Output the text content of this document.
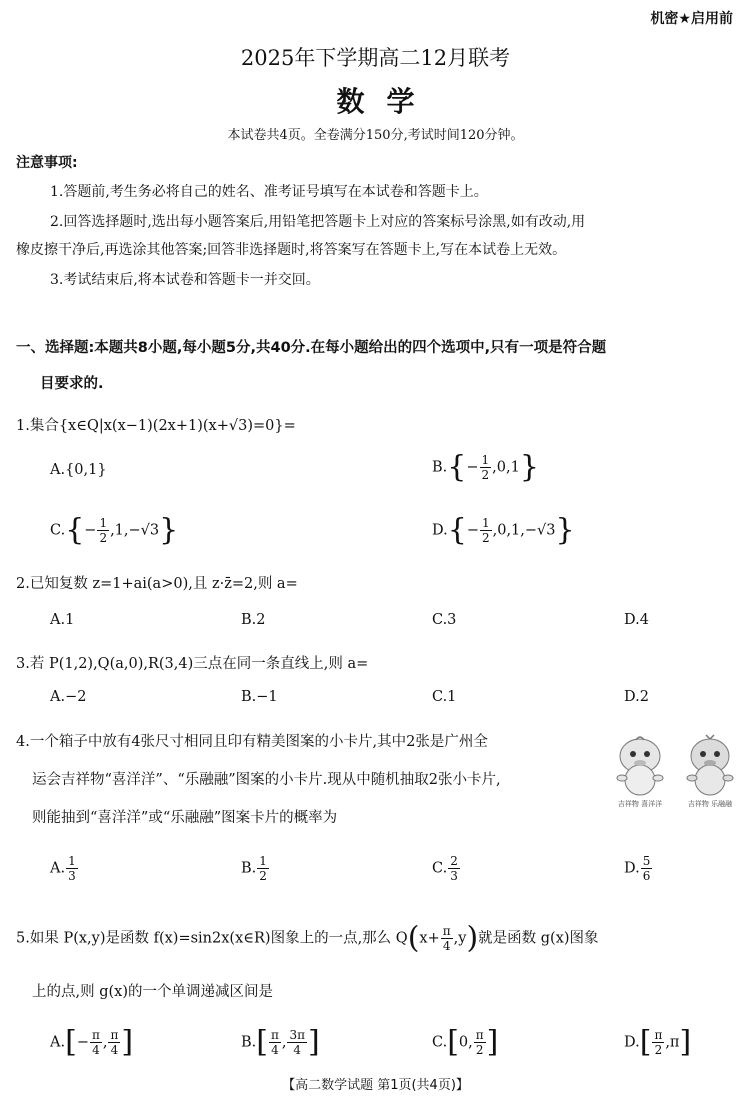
机密★启用前
2025年下学期高二12月联考
数学
本试卷共4页。全卷满分150分,考试时间120分钟。
注意事项:
1.答题前,考生务必将自己的姓名、准考证号填写在本试卷和答题卡上。
2.回答选择题时,选出每小题答案后,用铅笔把答题卡上对应的答案标号涂黑,如有改动,用
橡皮擦干净后,再选涂其他答案;回答非选择题时,将答案写在答题卡上,写在本试卷上无效。
3.考试结束后,将本试卷和答题卡一并交回。
一、选择题:本题共8小题,每小题5分,共40分.在每小题给出的四个选项中,只有一项是符合题
目要求的.
1.集合{x∈Q|x(x−1)(2x+1)(x+√3)=0}=
A.{0,1}	$B.\{- \frac{1}{2} ,0,1\}$
$C.\{- \frac{1}{2} ,1,-√3\}$	$D.\{- \frac{1}{2} ,0,1,-√3\}$
2.已知复数 z=1+ai(a>0),且 z·z̄=2,则 a=
A.1	B.2	C.3	D.4
3.若 P(1,2),Q(a,0),R(3,4)三点在同一条直线上,则 a=
A.−2	B.−1	C.1	D.2
4.一个箱子中放有4张尺寸相同且印有精美图案的小卡片,其中2张是广州全
运会吉祥物“喜洋洋”、“乐融融”图案的小卡片.现从中随机抽取2张小卡片,
则能抽到“喜洋洋”或“乐融融”图案卡片的概率为
吉祥物 喜洋洋	吉祥物 乐融融
A. $\frac{1}{3}$	B. $\frac{1}{2}$	C. $\frac{2}{3}$	D. $\frac{5}{6}$
5.如果 P(x,y)是函数 f(x)=sin2x(x∈R)图象上的一点,那么 $Q(x+ \frac{\pi}{4} ,y)$就是函数 g(x)图象
上的点,则 g(x)的一个单调递减区间是
$A.[- \frac{\pi}{4}$ , $\frac{\pi}{4}$ ]	$B.[ \frac{\pi}{4}$ , $\frac{3\pi}{4}$ ]	C.[0, $\frac{\pi}{2}$ ]	$D.[ \frac{\pi}{2} ,\pi]$
【高二数学试题 第1页(共4页)】
